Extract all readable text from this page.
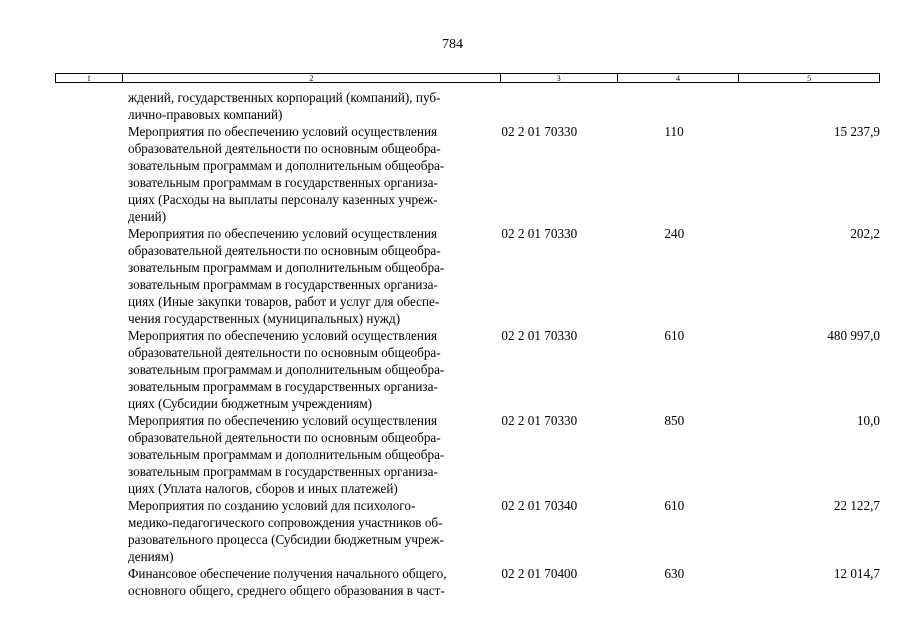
784
1	2	3	4	5
ждений, государственных корпораций (компаний), пуб-
лично-правовых компаний)
Мероприятия по обеспечению условий осуществления
образовательной деятельности по основным общеобра-
зовательным программам и дополнительным общеобра-
зовательным программам в государственных организа-
циях (Расходы на выплаты персоналу казенных учреж-
дений)
02 2 01 70330	110	15 237,9
Мероприятия по обеспечению условий осуществления
образовательной деятельности по основным общеобра-
зовательным программам и дополнительным общеобра-
зовательным программам в государственных организа-
циях (Иные закупки товаров, работ и услуг для обеспе-
чения государственных (муниципальных) нужд)
02 2 01 70330	240	202,2
Мероприятия по обеспечению условий осуществления
образовательной деятельности по основным общеобра-
зовательным программам и дополнительным общеобра-
зовательным программам в государственных организа-
циях (Субсидии бюджетным учреждениям)
02 2 01 70330	610	480 997,0
Мероприятия по обеспечению условий осуществления
образовательной деятельности по основным общеобра-
зовательным программам и дополнительным общеобра-
зовательным программам в государственных организа-
циях (Уплата налогов, сборов и иных платежей)
02 2 01 70330	850	10,0
Мероприятия по созданию условий для психолого-
медико-педагогического сопровождения участников об-
разовательного процесса (Субсидии бюджетным учреж-
дениям)
02 2 01 70340	610	22 122,7
Финансовое обеспечение получения начального общего,
основного общего, среднего общего образования в част-
02 2 01 70400	630	12 014,7
